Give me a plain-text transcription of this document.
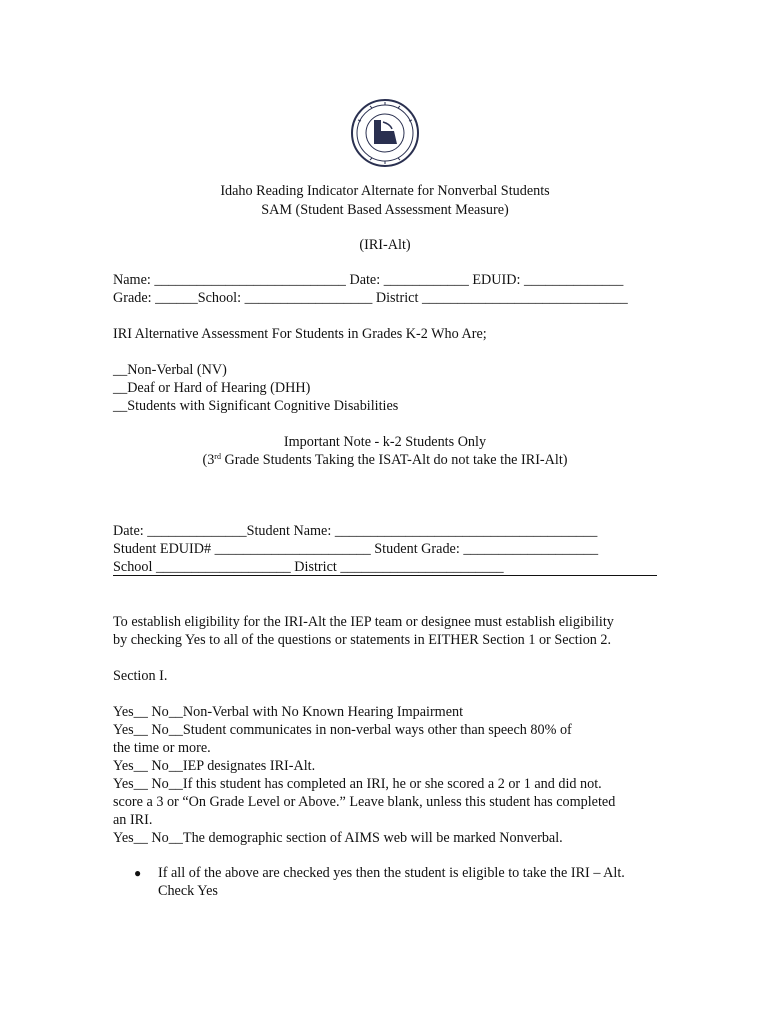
Idaho Reading Indicator Alternate for Nonverbal Students
SAM (Student Based Assessment Measure)
(IRI-Alt)
Name: ___________________________ Date: ____________ EDUID: ______________
Grade: ______School: __________________ District _____________________________
IRI Alternative Assessment For Students in Grades K-2 Who Are;
__Non-Verbal (NV)
__Deaf or Hard of Hearing (DHH)
__Students with Significant Cognitive Disabilities
Important Note - k-2 Students Only
(3rd Grade Students Taking the ISAT-Alt do not take the IRI-Alt)
Date: ______________Student Name: _____________________________________
Student EDUID# ______________________ Student Grade: ___________________
School ___________________ District _______________________
To establish eligibility for the IRI-Alt the IEP team or designee must establish eligibility
by checking Yes to all of the questions or statements in EITHER Section 1 or Section 2.
Section I.
Yes__ No__Non-Verbal with No Known Hearing Impairment
Yes__ No__Student communicates in non-verbal ways other than speech 80% of
the time or more.
Yes__ No__IEP designates IRI-Alt.
Yes__ No__If this student has completed an IRI, he or she scored a 2 or 1 and did not.
score a 3 or “On Grade Level or Above.” Leave blank, unless this student has completed
an IRI.
Yes__ No__The demographic section of AIMS web will be marked Nonverbal.
● If all of the above are checked yes then the student is eligible to take the IRI – Alt.
Check Yes
